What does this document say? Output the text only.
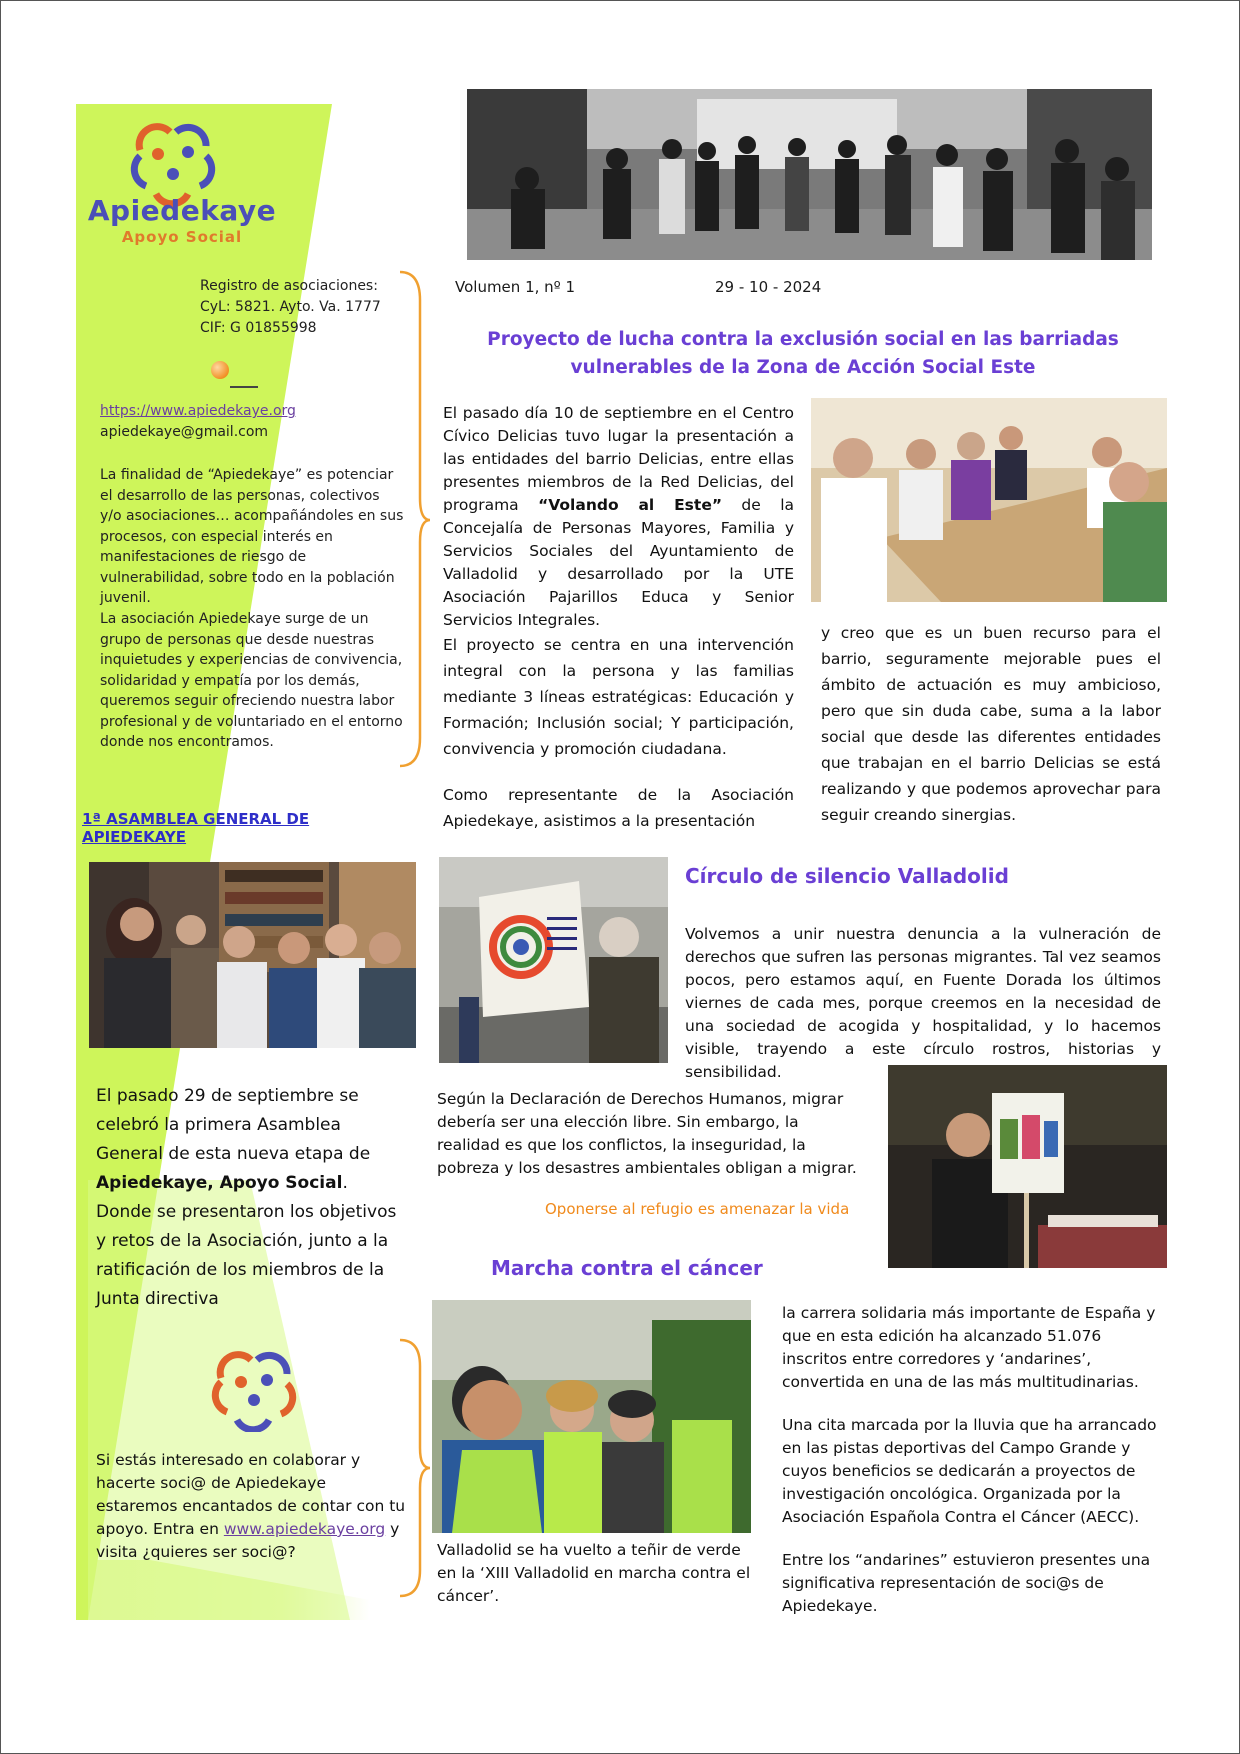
Apiedekaye
Apoyo Social
Registro de asociaciones:
CyL: 5821. Ayto. Va. 1777
CIF: G 01855998
https://www.apiedekaye.org
apiedekaye@gmail.com
La finalidad de “Apiedekaye” es potenciar el desarrollo de las personas, colectivos y/o asociaciones… acompañándoles en sus procesos, con especial interés en manifestaciones de riesgo de vulnerabilidad, sobre todo en la población juvenil.
La asociación Apiedekaye surge de un grupo de personas que desde nuestras inquietudes y experiencias de convivencia, solidaridad y empatía por los demás, queremos seguir ofreciendo nuestra labor profesional y de voluntariado en el entorno donde nos encontramos.
1ª ASAMBLEA GENERAL DE APIEDEKAYE
El pasado 29 de septiembre se celebró la primera Asamblea General de esta nueva etapa de Apiedekaye, Apoyo Social. Donde se presentaron los objetivos y retos de la Asociación, junto a la ratificación de los miembros de la Junta directiva
Si estás interesado en colaborar y hacerte soci@ de Apiedekaye estaremos encantados de contar con tu apoyo. Entra en www.apiedekaye.org y visita ¿quieres ser soci@?
Volumen 1, nº 1	29 - 10 - 2024
Proyecto de lucha contra la exclusión social en las barriadas vulnerables de la Zona de Acción Social Este
El pasado día 10 de septiembre en el Centro Cívico Delicias tuvo lugar la presentación a las entidades del barrio Delicias, entre ellas presentes miembros de la Red Delicias, del programa “Volando al Este” de la Concejalía de Personas Mayores, Familia y Servicios Sociales del Ayuntamiento de Valladolid y desarrollado por la UTE Asociación Pajarillos Educa y Senior Servicios Integrales.
El proyecto se centra en una intervención integral con la persona y las familias mediante 3 líneas estratégicas: Educación y Formación; Inclusión social; Y participación, convivencia y promoción ciudadana.
Como representante de la Asociación Apiedekaye, asistimos a la presentación
y creo que es un buen recurso para el barrio, seguramente mejorable pues el ámbito de actuación es muy ambicioso, pero que sin duda cabe, suma a la labor social que desde las diferentes entidades que trabajan en el barrio Delicias se está realizando y que podemos aprovechar para seguir creando sinergias.
Círculo de silencio Valladolid
Volvemos a unir nuestra denuncia a la vulneración de derechos que sufren las personas migrantes. Tal vez seamos pocos, pero estamos aquí, en Fuente Dorada los últimos viernes de cada mes, porque creemos en la necesidad de una sociedad de acogida y hospitalidad, y lo hacemos visible, trayendo a este círculo rostros, historias y sensibilidad.
Según la Declaración de Derechos Humanos, migrar debería ser una elección libre. Sin embargo, la realidad es que los conflictos, la inseguridad, la pobreza y los desastres ambientales obligan a migrar.
Oponerse al refugio es amenazar la vida
Marcha contra el cáncer
Valladolid se ha vuelto a teñir de verde en la ‘XIII Valladolid en marcha contra el cáncer’.
la carrera solidaria más importante de España y que en esta edición ha alcanzado 51.076 inscritos entre corredores y ‘andarines’, convertida en una de las más multitudinarias.
Una cita marcada por la lluvia que ha arrancado en las pistas deportivas del Campo Grande y cuyos beneficios se dedicarán a proyectos de investigación oncológica. Organizada por la Asociación Española Contra el Cáncer (AECC).
Entre los “andarines” estuvieron presentes una significativa representación de soci@s de Apiedekaye.
